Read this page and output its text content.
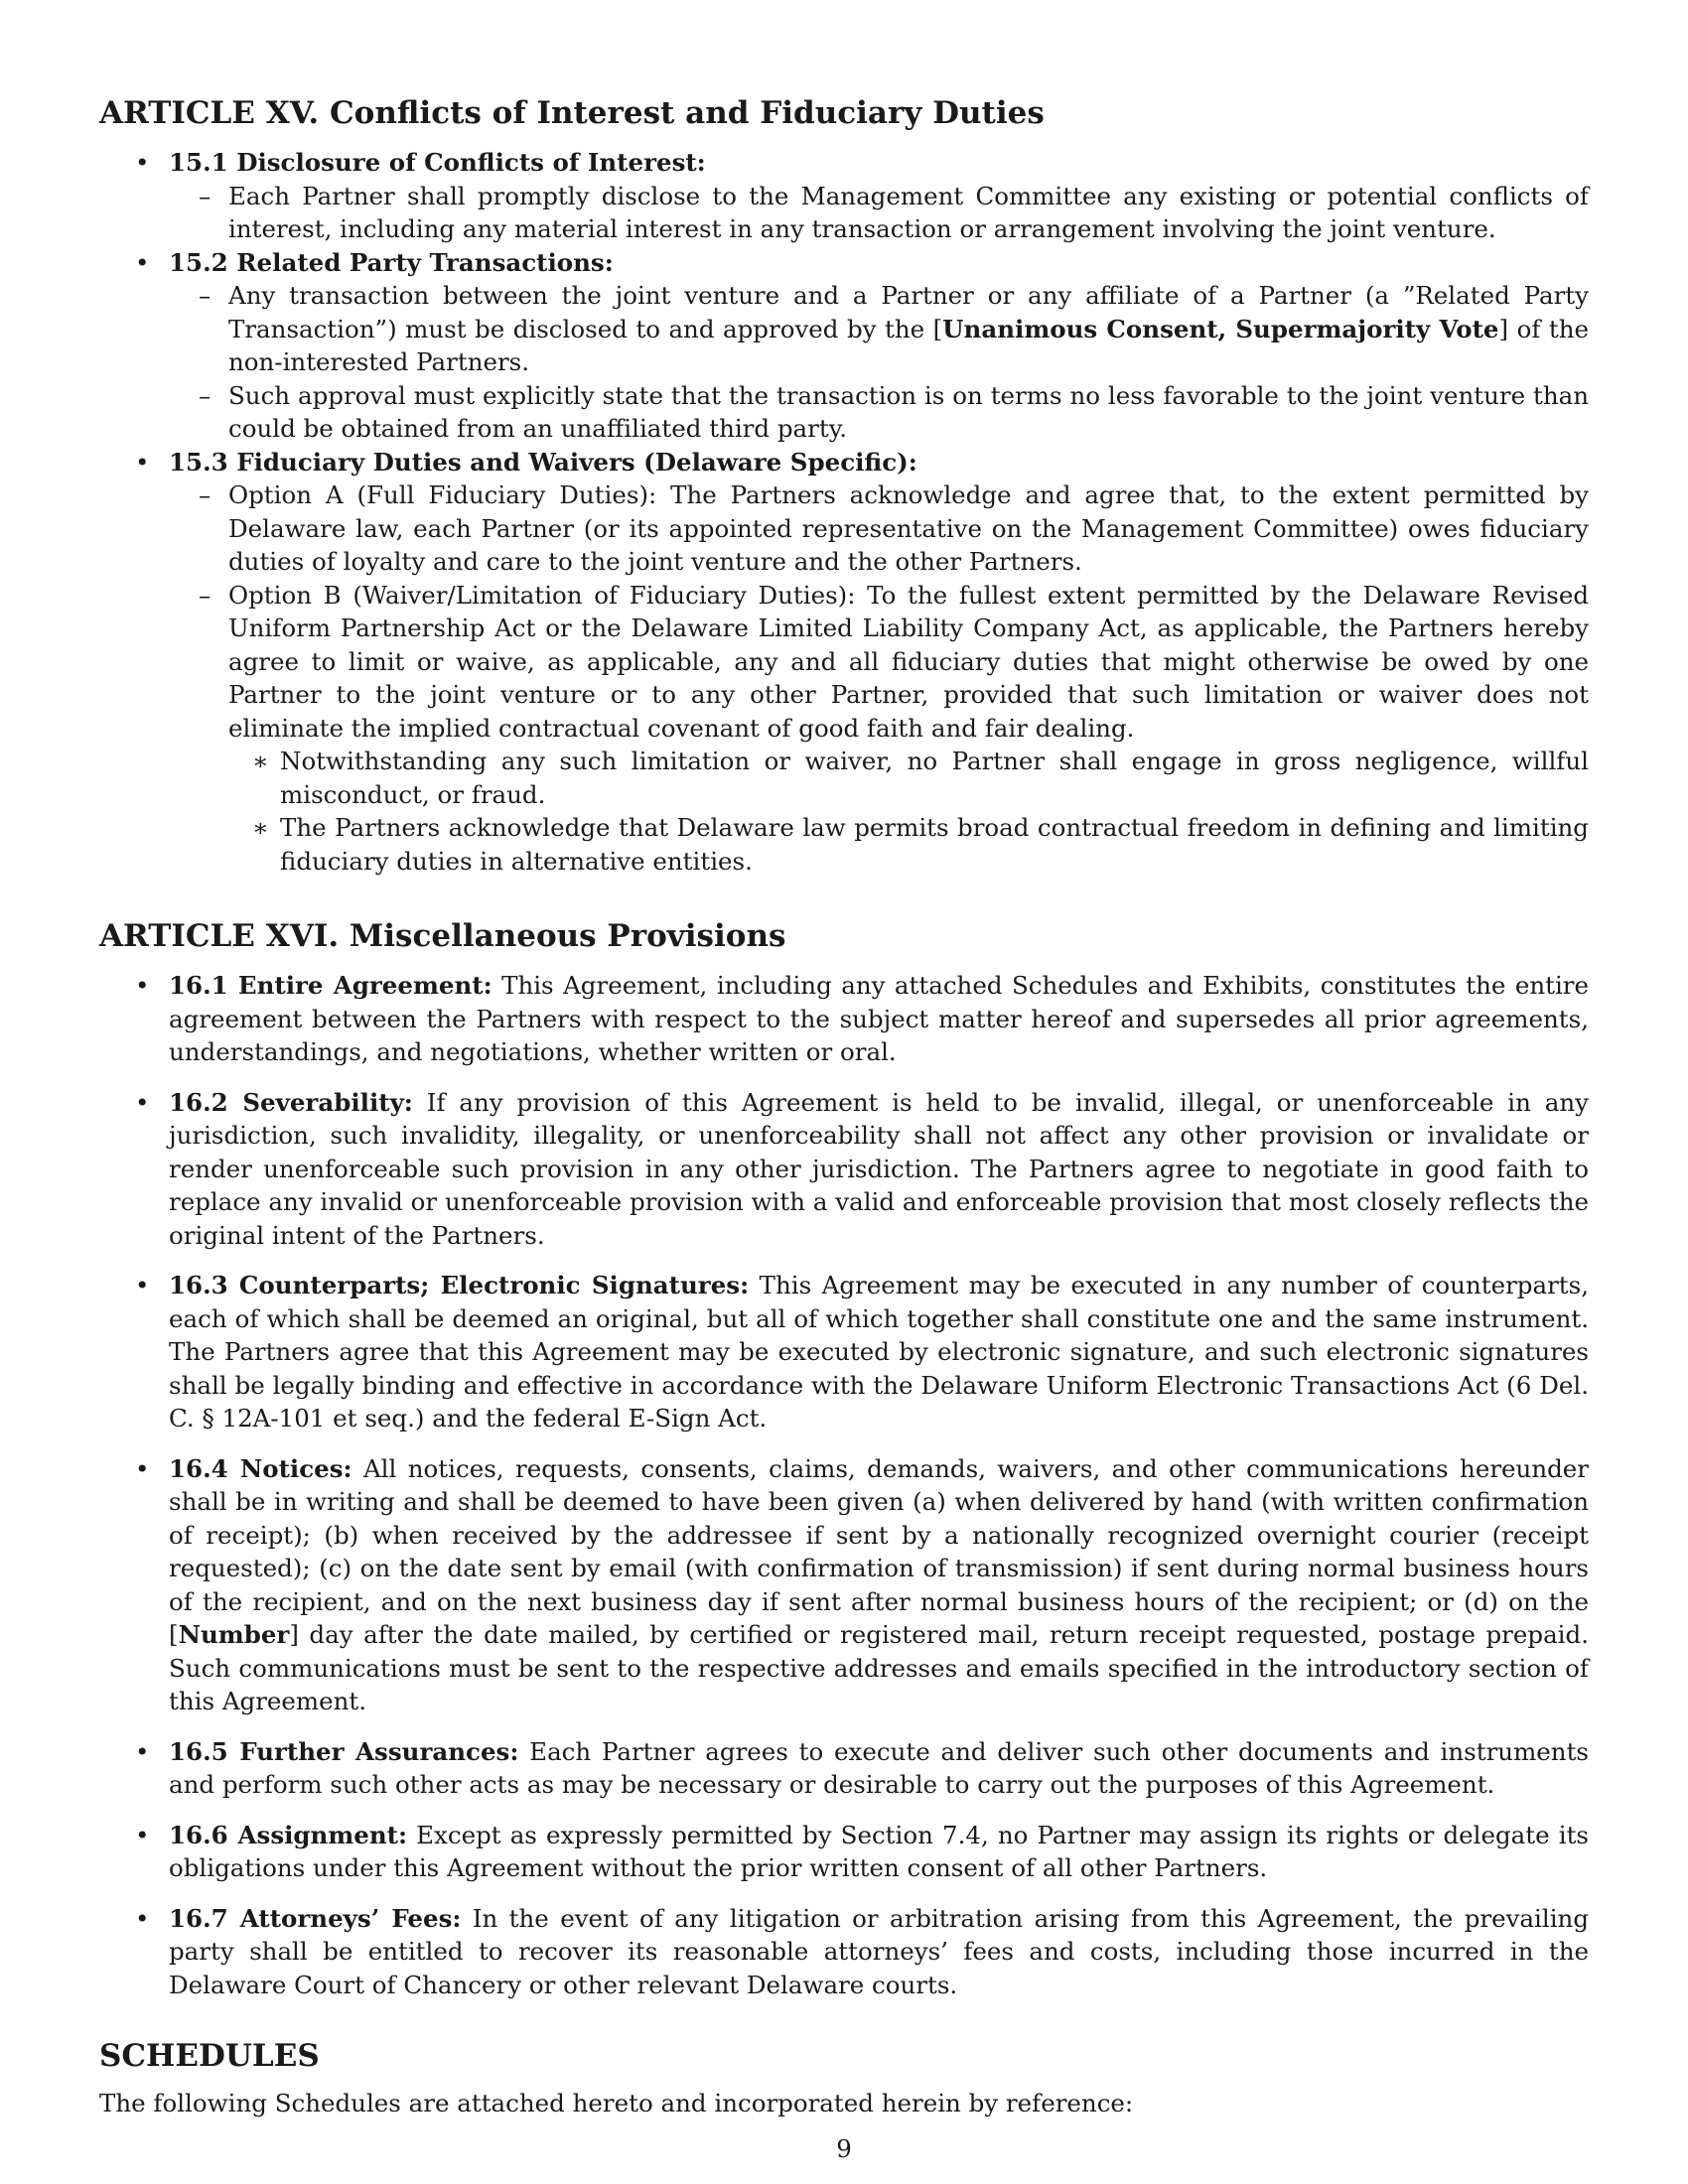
ARTICLE XV. Conflicts of Interest and Fiduciary Duties
• 15.1 Disclosure of Conflicts of Interest:
– Each Partner shall promptly disclose to the Management Committee any existing or potential conflicts of interest, including any material interest in any transaction or arrangement involving the joint venture.
• 15.2 Related Party Transactions:
– Any transaction between the joint venture and a Partner or any affiliate of a Partner (a ”Related Party Transaction”) must be disclosed to and approved by the [Unanimous Consent, Supermajority Vote] of the non-interested Partners.
– Such approval must explicitly state that the transaction is on terms no less favorable to the joint venture than could be obtained from an unaffiliated third party.
• 15.3 Fiduciary Duties and Waivers (Delaware Specific):
– Option A (Full Fiduciary Duties): The Partners acknowledge and agree that, to the extent permitted by Delaware law, each Partner (or its appointed representative on the Management Committee) owes fiduciary duties of loyalty and care to the joint venture and the other Partners.
– Option B (Waiver/Limitation of Fiduciary Duties): To the fullest extent permitted by the Delaware Revised Uniform Partnership Act or the Delaware Limited Liability Company Act, as applicable, the Partners hereby agree to limit or waive, as applicable, any and all fiduciary duties that might otherwise be owed by one Partner to the joint venture or to any other Partner, provided that such limitation or waiver does not eliminate the implied contractual covenant of good faith and fair dealing.
∗ Notwithstanding any such limitation or waiver, no Partner shall engage in gross negligence, willful misconduct, or fraud.
∗ The Partners acknowledge that Delaware law permits broad contractual freedom in defining and limiting fiduciary duties in alternative entities.
ARTICLE XVI. Miscellaneous Provisions
• 16.1 Entire Agreement: This Agreement, including any attached Schedules and Exhibits, constitutes the entire agreement between the Partners with respect to the subject matter hereof and supersedes all prior agreements, understandings, and negotiations, whether written or oral.
• 16.2 Severability: If any provision of this Agreement is held to be invalid, illegal, or unenforceable in any jurisdiction, such invalidity, illegality, or unenforceability shall not affect any other provision or invalidate or render unenforceable such provision in any other jurisdiction. The Partners agree to negotiate in good faith to replace any invalid or unenforceable provision with a valid and enforceable provision that most closely reflects the original intent of the Partners.
• 16.3 Counterparts; Electronic Signatures: This Agreement may be executed in any number of counterparts, each of which shall be deemed an original, but all of which together shall constitute one and the same instrument. The Partners agree that this Agreement may be executed by electronic signature, and such electronic signatures shall be legally binding and effective in accordance with the Delaware Uniform Electronic Transactions Act (6 Del. C. § 12A-101 et seq.) and the federal E-Sign Act.
• 16.4 Notices: All notices, requests, consents, claims, demands, waivers, and other communications hereunder shall be in writing and shall be deemed to have been given (a) when delivered by hand (with written confirmation of receipt); (b) when received by the addressee if sent by a nationally recognized overnight courier (receipt requested); (c) on the date sent by email (with confirmation of transmission) if sent during normal business hours of the recipient, and on the next business day if sent after normal business hours of the recipient; or (d) on the [Number] day after the date mailed, by certified or registered mail, return receipt requested, postage prepaid. Such communications must be sent to the respective addresses and emails specified in the introductory section of this Agreement.
• 16.5 Further Assurances: Each Partner agrees to execute and deliver such other documents and instruments and perform such other acts as may be necessary or desirable to carry out the purposes of this Agreement.
• 16.6 Assignment: Except as expressly permitted by Section 7.4, no Partner may assign its rights or delegate its obligations under this Agreement without the prior written consent of all other Partners.
• 16.7 Attorneys’ Fees: In the event of any litigation or arbitration arising from this Agreement, the prevailing party shall be entitled to recover its reasonable attorneys’ fees and costs, including those incurred in the Delaware Court of Chancery or other relevant Delaware courts.
SCHEDULES

The following Schedules are attached hereto and incorporated herein by reference:

9
